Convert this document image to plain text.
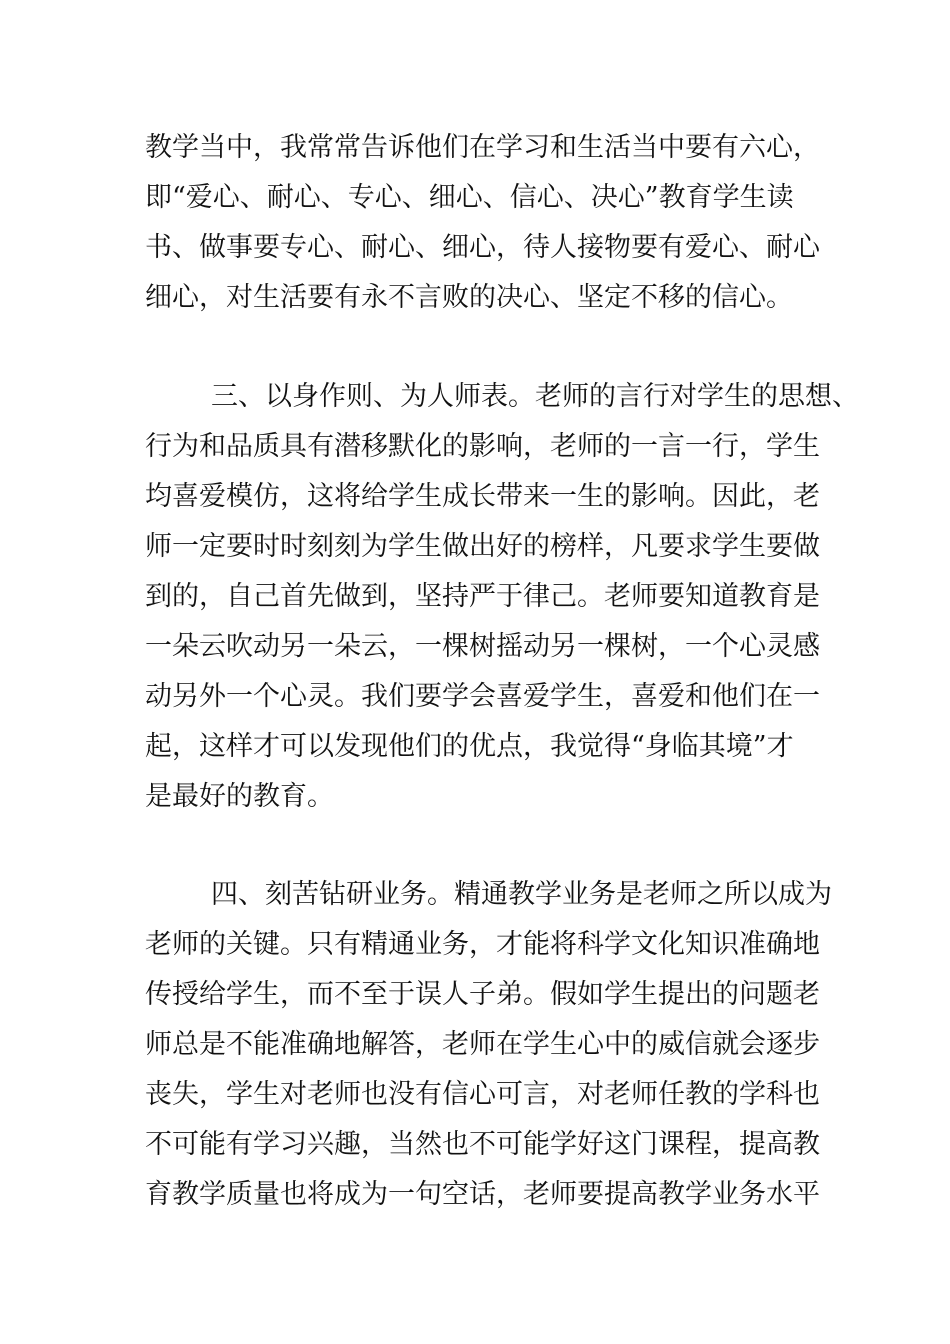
教学当中，我常常告诉他们在学习和生活当中要有六心，
即“爱心、耐心、专心、细心、信心、决心”教育学生读
书、做事要专心、耐心、细心，待人接物要有爱心、耐心
细心，对生活要有永不言败的决心、坚定不移的信心。
三、以身作则、为人师表。老师的言行对学生的思想、
行为和品质具有潜移默化的影响，老师的一言一行，学生
均喜爱模仿，这将给学生成长带来一生的影响。因此，老
师一定要时时刻刻为学生做出好的榜样，凡要求学生要做
到的，自己首先做到，坚持严于律己。老师要知道教育是
一朵云吹动另一朵云，一棵树摇动另一棵树，一个心灵感
动另外一个心灵。我们要学会喜爱学生，喜爱和他们在一
起，这样才可以发现他们的优点，我觉得“身临其境”才
是最好的教育。
四、刻苦钻研业务。精通教学业务是老师之所以成为
老师的关键。只有精通业务，才能将科学文化知识准确地
传授给学生，而不至于误人子弟。假如学生提出的问题老
师总是不能准确地解答，老师在学生心中的威信就会逐步
丧失，学生对老师也没有信心可言，对老师任教的学科也
不可能有学习兴趣，当然也不可能学好这门课程，提高教
育教学质量也将成为一句空话，老师要提高教学业务水平
